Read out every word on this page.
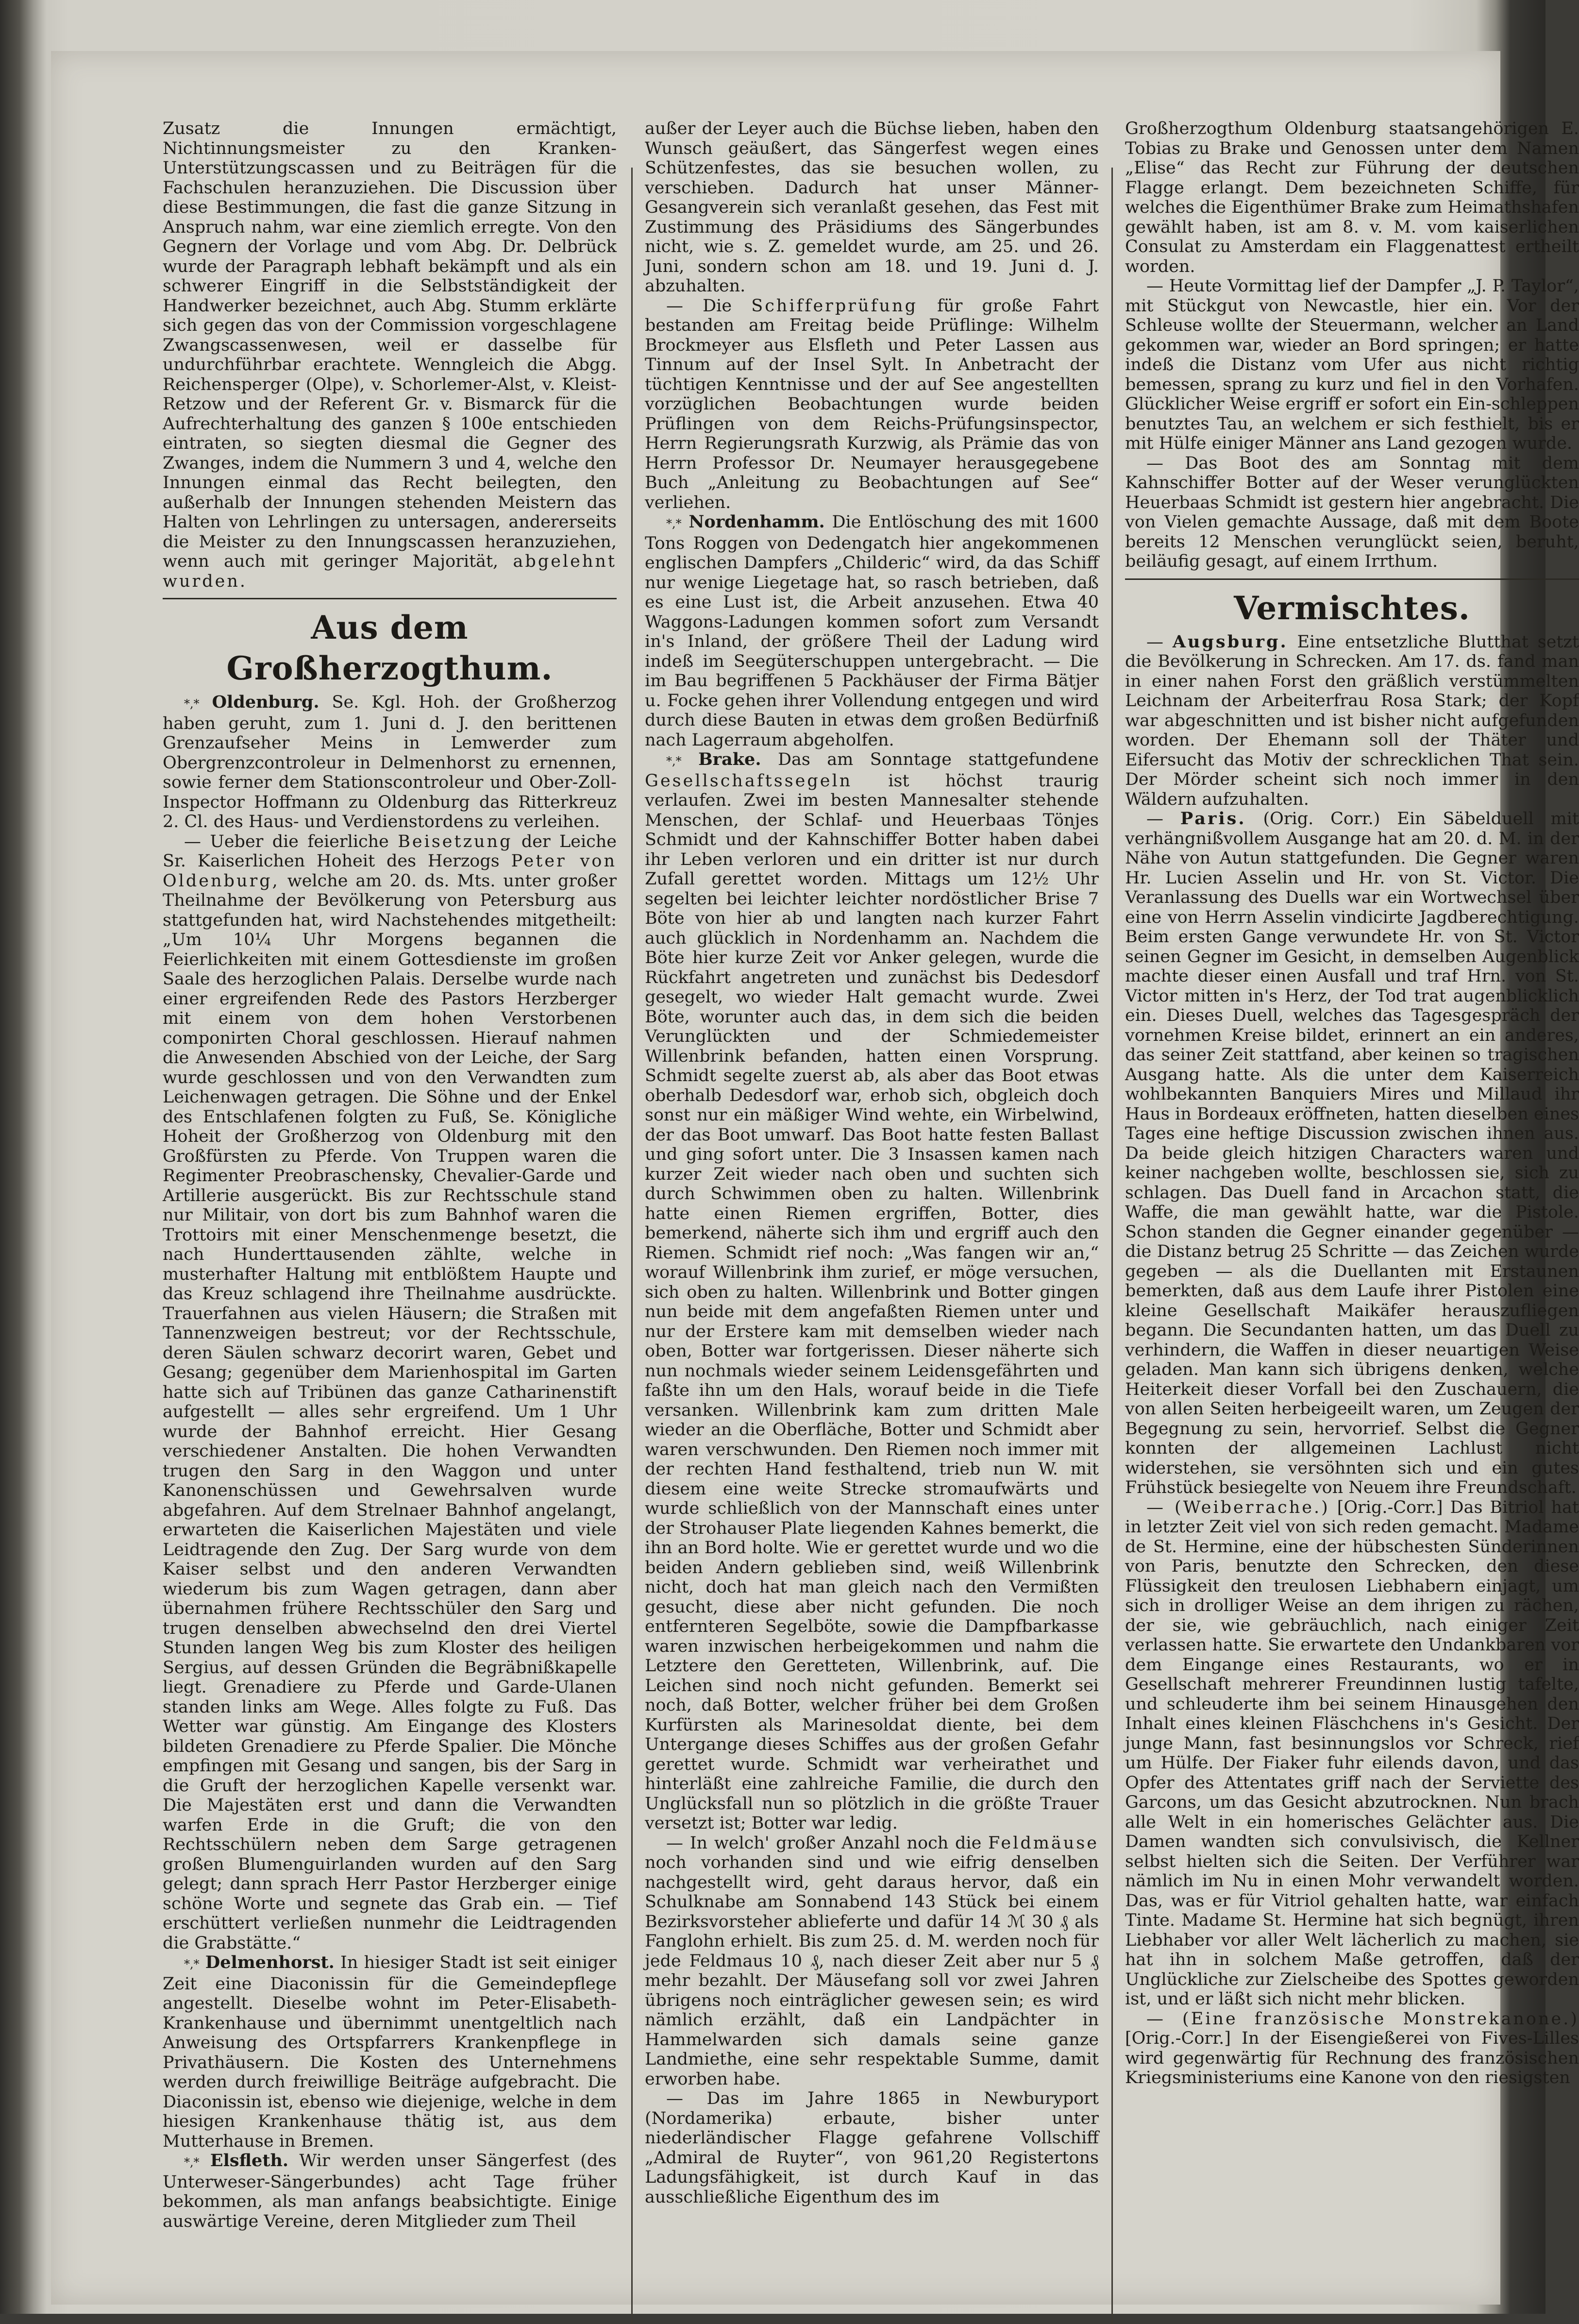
Zusatz die Innungen ermächtigt, Nichtinnungsmeister zu den Kranken-Unterstützungscassen und zu Beiträgen für die Fachschulen heranzuziehen. Die Discussion über diese Bestimmungen, die fast die ganze Sitzung in Anspruch nahm, war eine ziemlich erregte. Von den Gegnern der Vorlage und vom Abg. Dr. Delbrück wurde der Paragraph lebhaft bekämpft und als ein schwerer Eingriff in die Selbstständigkeit der Handwerker bezeichnet, auch Abg. Stumm erklärte sich gegen das von der Commission vorgeschlagene Zwangscassenwesen, weil er dasselbe für undurchführbar erachtete. Wenngleich die Abgg. Reichensperger (Olpe), v. Schorlemer-Alst, v. Kleist-Retzow und der Referent Gr. v. Bismarck für die Aufrechterhaltung des ganzen § 100e entschieden eintraten, so siegten diesmal die Gegner des Zwanges, indem die Nummern 3 und 4, welche den Innungen einmal das Recht beilegten, den außerhalb der Innungen stehenden Meistern das Halten von Lehrlingen zu untersagen, andererseits die Meister zu den Innungscassen heranzuziehen, wenn auch mit geringer Majorität, abgelehnt wurden.

Aus dem Großherzogthum.

*,* Oldenburg. Se. Kgl. Hoh. der Großherzog haben geruht, zum 1. Juni d. J. den berittenen Grenzaufseher Meins in Lemwerder zum Obergrenzcontroleur in Delmenhorst zu ernennen, sowie ferner dem Stationscontroleur und Ober-Zoll-Inspector Hoffmann zu Oldenburg das Ritterkreuz 2. Cl. des Haus- und Verdienstordens zu verleihen.

— Ueber die feierliche Beisetzung der Leiche Sr. Kaiserlichen Hoheit des Herzogs Peter von Oldenburg, welche am 20. ds. Mts. unter großer Theilnahme der Bevölkerung von Petersburg aus stattgefunden hat, wird Nachstehendes mitgetheilt: „Um 10¼ Uhr Morgens begannen die Feierlichkeiten mit einem Gottesdienste im großen Saale des herzoglichen Palais. Derselbe wurde nach einer ergreifenden Rede des Pastors Herzberger mit einem von dem hohen Verstorbenen componirten Choral geschlossen. Hierauf nahmen die Anwesenden Abschied von der Leiche, der Sarg wurde geschlossen und von den Verwandten zum Leichenwagen getragen. Die Söhne und der Enkel des Entschlafenen folgten zu Fuß, Se. Königliche Hoheit der Großherzog von Oldenburg mit den Großfürsten zu Pferde. Von Truppen waren die Regimenter Preobraschensky, Chevalier-Garde und Artillerie ausgerückt. Bis zur Rechtsschule stand nur Militair, von dort bis zum Bahnhof waren die Trottoirs mit einer Menschenmenge besetzt, die nach Hunderttausenden zählte, welche in musterhafter Haltung mit entblößtem Haupte und das Kreuz schlagend ihre Theilnahme ausdrückte. Trauerfahnen aus vielen Häusern; die Straßen mit Tannenzweigen bestreut; vor der Rechtsschule, deren Säulen schwarz decorirt waren, Gebet und Gesang; gegenüber dem Marienhospital im Garten hatte sich auf Tribünen das ganze Catharinenstift aufgestellt — alles sehr ergreifend. Um 1 Uhr wurde der Bahnhof erreicht. Hier Gesang verschiedener Anstalten. Die hohen Verwandten trugen den Sarg in den Waggon und unter Kanonenschüssen und Gewehrsalven wurde abgefahren. Auf dem Strelnaer Bahnhof angelangt, erwarteten die Kaiserlichen Majestäten und viele Leidtragende den Zug. Der Sarg wurde von dem Kaiser selbst und den anderen Verwandten wiederum bis zum Wagen getragen, dann aber übernahmen frühere Rechtsschüler den Sarg und trugen denselben abwechselnd den drei Viertel Stunden langen Weg bis zum Kloster des heiligen Sergius, auf dessen Gründen die Begräbnißkapelle liegt. Grenadiere zu Pferde und Garde-Ulanen standen links am Wege. Alles folgte zu Fuß. Das Wetter war günstig. Am Eingange des Klosters bildeten Grenadiere zu Pferde Spalier. Die Mönche empfingen mit Gesang und sangen, bis der Sarg in die Gruft der herzoglichen Kapelle versenkt war. Die Majestäten erst und dann die Verwandten warfen Erde in die Gruft; die von den Rechtsschülern neben dem Sarge getragenen großen Blumenguirlanden wurden auf den Sarg gelegt; dann sprach Herr Pastor Herzberger einige schöne Worte und segnete das Grab ein. — Tief erschüttert verließen nunmehr die Leidtragenden die Grabstätte.“

*,* Delmenhorst. In hiesiger Stadt ist seit einiger Zeit eine Diaconissin für die Gemeindepflege angestellt. Dieselbe wohnt im Peter-Elisabeth-Krankenhause und übernimmt unentgeltlich nach Anweisung des Ortspfarrers Krankenpflege in Privathäusern. Die Kosten des Unternehmens werden durch freiwillige Beiträge aufgebracht. Die Diaconissin ist, ebenso wie diejenige, welche in dem hiesigen Krankenhause thätig ist, aus dem Mutterhause in Bremen.

*,* Elsfleth. Wir werden unser Sängerfest (des Unterweser-Sängerbundes) acht Tage früher bekommen, als man anfangs beabsichtigte. Einige auswärtige Vereine, deren Mitglieder zum Theil

außer der Leyer auch die Büchse lieben, haben den Wunsch geäußert, das Sängerfest wegen eines Schützenfestes, das sie besuchen wollen, zu verschieben. Dadurch hat unser Männer-Gesangverein sich veranlaßt gesehen, das Fest mit Zustimmung des Präsidiums des Sängerbundes nicht, wie s. Z. gemeldet wurde, am 25. und 26. Juni, sondern schon am 18. und 19. Juni d. J. abzuhalten.

— Die Schifferprüfung für große Fahrt bestanden am Freitag beide Prüflinge: Wilhelm Brockmeyer aus Elsfleth und Peter Lassen aus Tinnum auf der Insel Sylt. In Anbetracht der tüchtigen Kenntnisse und der auf See angestellten vorzüglichen Beobachtungen wurde beiden Prüflingen von dem Reichs-Prüfungsinspector, Herrn Regierungsrath Kurzwig, als Prämie das von Herrn Professor Dr. Neumayer herausgegebene Buch „Anleitung zu Beobachtungen auf See“ verliehen.

*,* Nordenhamm. Die Entlöschung des mit 1600 Tons Roggen von Dedengatch hier angekommenen englischen Dampfers „Childeric“ wird, da das Schiff nur wenige Liegetage hat, so rasch betrieben, daß es eine Lust ist, die Arbeit anzusehen. Etwa 40 Waggons-Ladungen kommen sofort zum Versandt in's Inland, der größere Theil der Ladung wird indeß im Seegüterschuppen untergebracht. — Die im Bau begriffenen 5 Packhäuser der Firma Bätjer u. Focke gehen ihrer Vollendung entgegen und wird durch diese Bauten in etwas dem großen Bedürfniß nach Lagerraum abgeholfen.

*,* Brake. Das am Sonntage stattgefundene Gesellschaftssegeln ist höchst traurig verlaufen. Zwei im besten Mannesalter stehende Menschen, der Schlaf- und Heuerbaas Tönjes Schmidt und der Kahnschiffer Botter haben dabei ihr Leben verloren und ein dritter ist nur durch Zufall gerettet worden. Mittags um 12½ Uhr segelten bei leichter leichter nordöstlicher Brise 7 Böte von hier ab und langten nach kurzer Fahrt auch glücklich in Nordenhamm an. Nachdem die Böte hier kurze Zeit vor Anker gelegen, wurde die Rückfahrt angetreten und zunächst bis Dedesdorf gesegelt, wo wieder Halt gemacht wurde. Zwei Böte, worunter auch das, in dem sich die beiden Verunglückten und der Schmiedemeister Willenbrink befanden, hatten einen Vorsprung. Schmidt segelte zuerst ab, als aber das Boot etwas oberhalb Dedesdorf war, erhob sich, obgleich doch sonst nur ein mäßiger Wind wehte, ein Wirbelwind, der das Boot umwarf. Das Boot hatte festen Ballast und ging sofort unter. Die 3 Insassen kamen nach kurzer Zeit wieder nach oben und suchten sich durch Schwimmen oben zu halten. Willenbrink hatte einen Riemen ergriffen, Botter, dies bemerkend, näherte sich ihm und ergriff auch den Riemen. Schmidt rief noch: „Was fangen wir an,“ worauf Willenbrink ihm zurief, er möge versuchen, sich oben zu halten. Willenbrink und Botter gingen nun beide mit dem angefaßten Riemen unter und nur der Erstere kam mit demselben wieder nach oben, Botter war fortgerissen. Dieser näherte sich nun nochmals wieder seinem Leidensgefährten und faßte ihn um den Hals, worauf beide in die Tiefe versanken. Willenbrink kam zum dritten Male wieder an die Oberfläche, Botter und Schmidt aber waren verschwunden. Den Riemen noch immer mit der rechten Hand festhaltend, trieb nun W. mit diesem eine weite Strecke stromaufwärts und wurde schließlich von der Mannschaft eines unter der Strohauser Plate liegenden Kahnes bemerkt, die ihn an Bord holte. Wie er gerettet wurde und wo die beiden Andern geblieben sind, weiß Willenbrink nicht, doch hat man gleich nach den Vermißten gesucht, diese aber nicht gefunden. Die noch entfernteren Segelböte, sowie die Dampfbarkasse waren inzwischen herbeigekommen und nahm die Letztere den Geretteten, Willenbrink, auf. Die Leichen sind noch nicht gefunden. Bemerkt sei noch, daß Botter, welcher früher bei dem Großen Kurfürsten als Marinesoldat diente, bei dem Untergange dieses Schiffes aus der großen Gefahr gerettet wurde. Schmidt war verheirathet und hinterläßt eine zahlreiche Familie, die durch den Unglücksfall nun so plötzlich in die größte Trauer versetzt ist; Botter war ledig.

— In welch' großer Anzahl noch die Feldmäuse noch vorhanden sind und wie eifrig denselben nachgestellt wird, geht daraus hervor, daß ein Schulknabe am Sonnabend 143 Stück bei einem Bezirksvorsteher ablieferte und dafür 14 ℳ 30 ₰ als Fanglohn erhielt. Bis zum 25. d. M. werden noch für jede Feldmaus 10 ₰, nach dieser Zeit aber nur 5 ₰ mehr bezahlt. Der Mäusefang soll vor zwei Jahren übrigens noch einträglicher gewesen sein; es wird nämlich erzählt, daß ein Landpächter in Hammelwarden sich damals seine ganze Landmiethe, eine sehr respektable Summe, damit erworben habe.

— Das im Jahre 1865 in Newburyport (Nordamerika) erbaute, bisher unter niederländischer Flagge gefahrene Vollschiff „Admiral de Ruyter“, von 961,20 Registertons Ladungsfähigkeit, ist durch Kauf in das ausschließliche Eigenthum des im

Großherzogthum Oldenburg staatsangehörigen E. Tobias zu Brake und Genossen unter dem Namen „Elise“ das Recht zur Führung der deutschen Flagge erlangt. Dem bezeichneten Schiffe, für welches die Eigenthümer Brake zum Heimathshafen gewählt haben, ist am 8. v. M. vom kaiserlichen Consulat zu Amsterdam ein Flaggenattest ertheilt worden.

— Heute Vormittag lief der Dampfer „J. P. Taylor“, mit Stückgut von Newcastle, hier ein. Vor der Schleuse wollte der Steuermann, welcher an Land gekommen war, wieder an Bord springen; er hatte indeß die Distanz vom Ufer aus nicht richtig bemessen, sprang zu kurz und fiel in den Vorhafen. Glücklicher Weise ergriff er sofort ein Ein-schleppen benutztes Tau, an welchem er sich festhielt, bis er mit Hülfe einiger Männer ans Land gezogen wurde.

— Das Boot des am Sonntag mit dem Kahnschiffer Botter auf der Weser verunglückten Heuerbaas Schmidt ist gestern hier angebracht. Die von Vielen gemachte Aussage, daß mit dem Boote bereits 12 Menschen verunglückt seien, beruht, beiläufig gesagt, auf einem Irrthum.

Vermischtes.

— Augsburg. Eine entsetzliche Blutthat setzt die Bevölkerung in Schrecken. Am 17. ds. fand man in einer nahen Forst den gräßlich verstümmelten Leichnam der Arbeiterfrau Rosa Stark; der Kopf war abgeschnitten und ist bisher nicht aufgefunden worden. Der Ehemann soll der Thäter und Eifersucht das Motiv der schrecklichen That sein. Der Mörder scheint sich noch immer in den Wäldern aufzuhalten.

— Paris. (Orig. Corr.) Ein Säbelduell mit verhängnißvollem Ausgange hat am 20. d. M. in der Nähe von Autun stattgefunden. Die Gegner waren Hr. Lucien Asselin und Hr. von St. Victor. Die Veranlassung des Duells war ein Wortwechsel über eine von Herrn Asselin vindicirte Jagdberechtigung. Beim ersten Gange verwundete Hr. von St. Victor seinen Gegner im Gesicht, in demselben Augenblick machte dieser einen Ausfall und traf Hrn. von St. Victor mitten in's Herz, der Tod trat augenblicklich ein. Dieses Duell, welches das Tagesgespräch der vornehmen Kreise bildet, erinnert an ein anderes, das seiner Zeit stattfand, aber keinen so tragischen Ausgang hatte. Als die unter dem Kaiserreich wohlbekannten Banquiers Mires und Millaud ihr Haus in Bordeaux eröffneten, hatten dieselben eines Tages eine heftige Discussion zwischen ihnen aus. Da beide gleich hitzigen Characters waren und keiner nachgeben wollte, beschlossen sie, sich zu schlagen. Das Duell fand in Arcachon statt, die Waffe, die man gewählt hatte, war die Pistole. Schon standen die Gegner einander gegenüber — die Distanz betrug 25 Schritte — das Zeichen wurde gegeben — als die Duellanten mit Erstaunen bemerkten, daß aus dem Laufe ihrer Pistolen eine kleine Gesellschaft Maikäfer herauszufliegen begann. Die Secundanten hatten, um das Duell zu verhindern, die Waffen in dieser neuartigen Weise geladen. Man kann sich übrigens denken, welche Heiterkeit dieser Vorfall bei den Zuschauern, die von allen Seiten herbeigeeilt waren, um Zeugen der Begegnung zu sein, hervorrief. Selbst die Gegner konnten der allgemeinen Lachlust nicht widerstehen, sie versöhnten sich und ein gutes Frühstück besiegelte von Neuem ihre Freundschaft.

— (Weiberrache.) [Orig.-Corr.] Das Bitriol hat in letzter Zeit viel von sich reden gemacht. Madame de St. Hermine, eine der hübschesten Sünderinnen von Paris, benutzte den Schrecken, den diese Flüssigkeit den treulosen Liebhabern einjagt, um sich in drolliger Weise an dem ihrigen zu rächen, der sie, wie gebräuchlich, nach einiger Zeit verlassen hatte. Sie erwartete den Undankbaren vor dem Eingange eines Restaurants, wo er in Gesellschaft mehrerer Freundinnen lustig tafelte, und schleuderte ihm bei seinem Hinausgehen den Inhalt eines kleinen Fläschchens in's Gesicht. Der junge Mann, fast besinnungslos vor Schreck, rief um Hülfe. Der Fiaker fuhr eilends davon, und das Opfer des Attentates griff nach der Serviette des Garcons, um das Gesicht abzutrocknen. Nun brach alle Welt in ein homerisches Gelächter aus. Die Damen wandten sich convulsivisch, die Kellner selbst hielten sich die Seiten. Der Verführer war nämlich im Nu in einen Mohr verwandelt worden. Das, was er für Vitriol gehalten hatte, war einfach Tinte. Madame St. Hermine hat sich begnügt, ihren Liebhaber vor aller Welt lächerlich zu machen, sie hat ihn in solchem Maße getroffen, daß der Unglückliche zur Zielscheibe des Spottes geworden ist, und er läßt sich nicht mehr blicken.

— (Eine französische Monstrekanone.) [Orig.-Corr.] In der Eisengießerei von Fives-Lilles wird gegenwärtig für Rechnung des französischen Kriegsministeriums eine Kanone von den riesigsten
